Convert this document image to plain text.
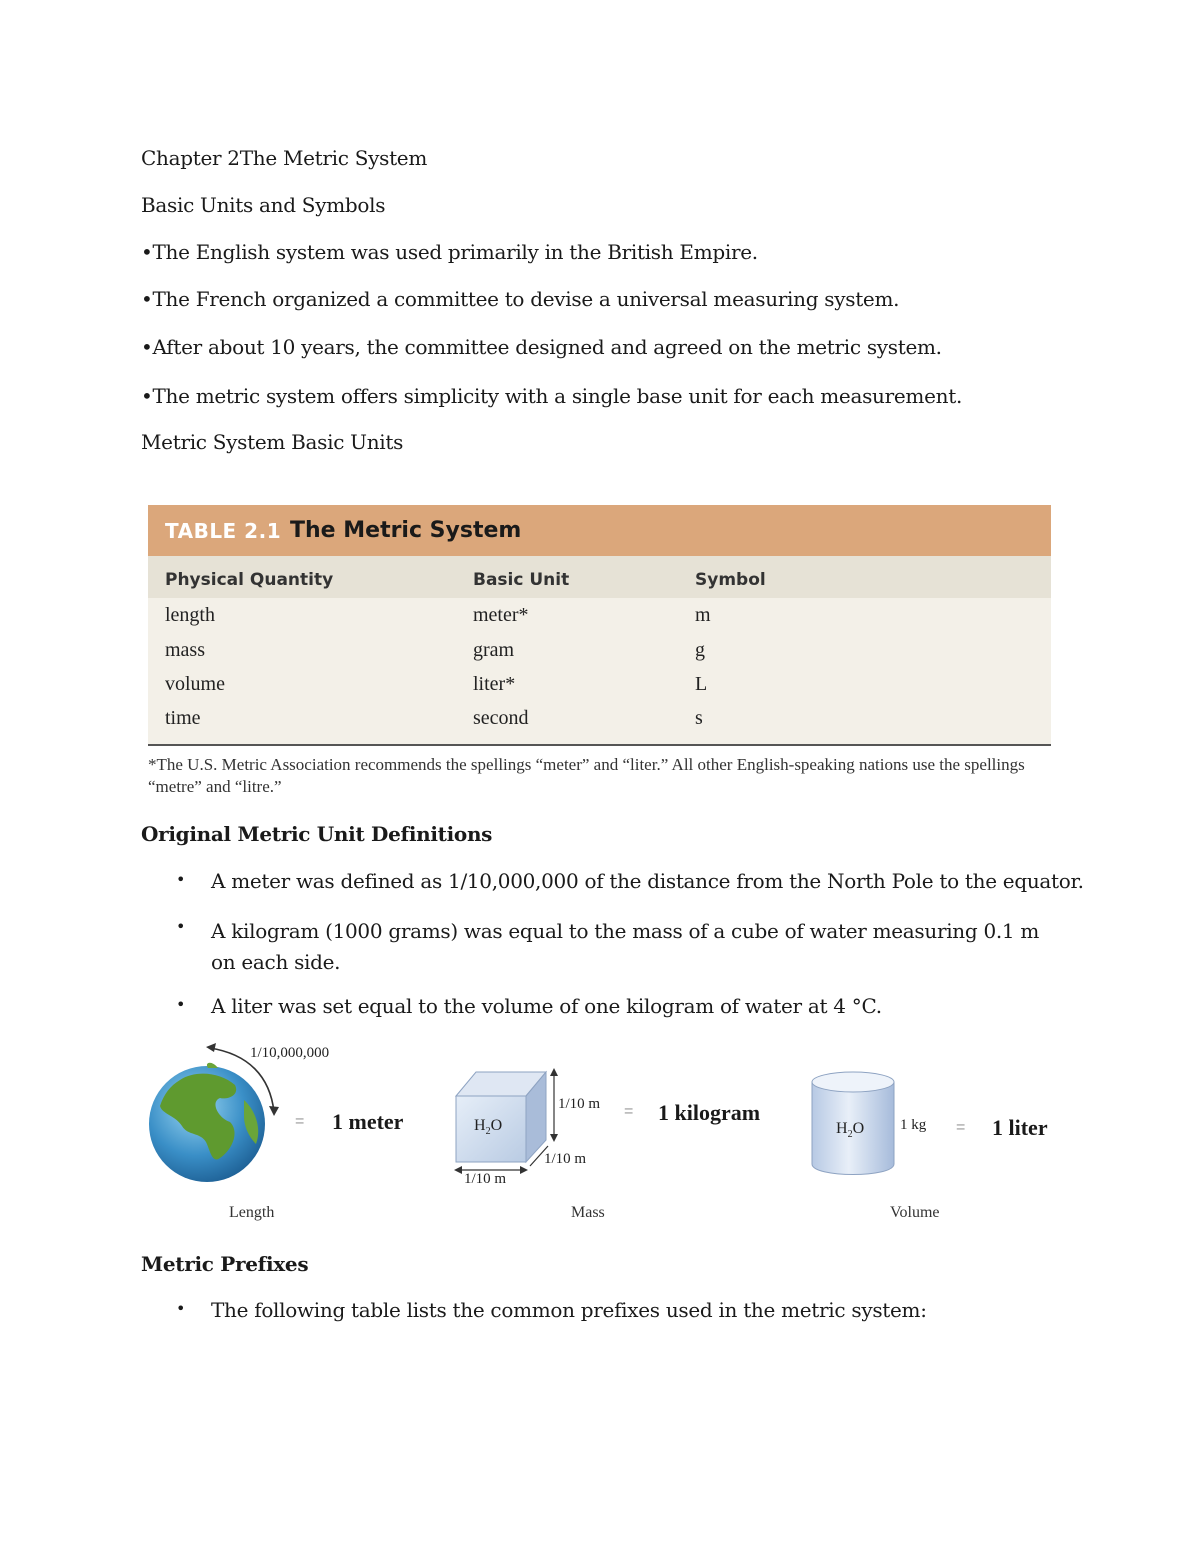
Chapter 2The Metric System
Basic Units and Symbols
•The English system was used primarily in the British Empire.
•The French organized a committee to devise a universal measuring system.
•After about 10 years, the committee designed and agreed on the metric system.
•The metric system offers simplicity with a single base unit for each measurement.
Metric System Basic Units
TABLE 2.1 The Metric System
Physical Quantity	Basic Unit	Symbol
length	meter*	m
mass	gram	g
volume	liter*	L
time	second	s
*The U.S. Metric Association recommends the spellings “meter” and “liter.” All other English-speaking nations use the spellings “metre” and “litre.”
Original Metric Unit Definitions
• A meter was defined as 1/10,000,000 of the distance from the North Pole to the equator.
• A kilogram (1000 grams) was equal to the mass of a cube of water measuring 0.1 m on each side.
• A liter was set equal to the volume of one kilogram of water at 4 °C.
1/10,000,000
= 1 meter
Length
$H_2O$
1/10 m
1/10 m
1/10 m
= 1 kilogram
Mass
$H_2O$ 1 kg = 1 liter
Volume
Metric Prefixes
• The following table lists the common prefixes used in the metric system:
